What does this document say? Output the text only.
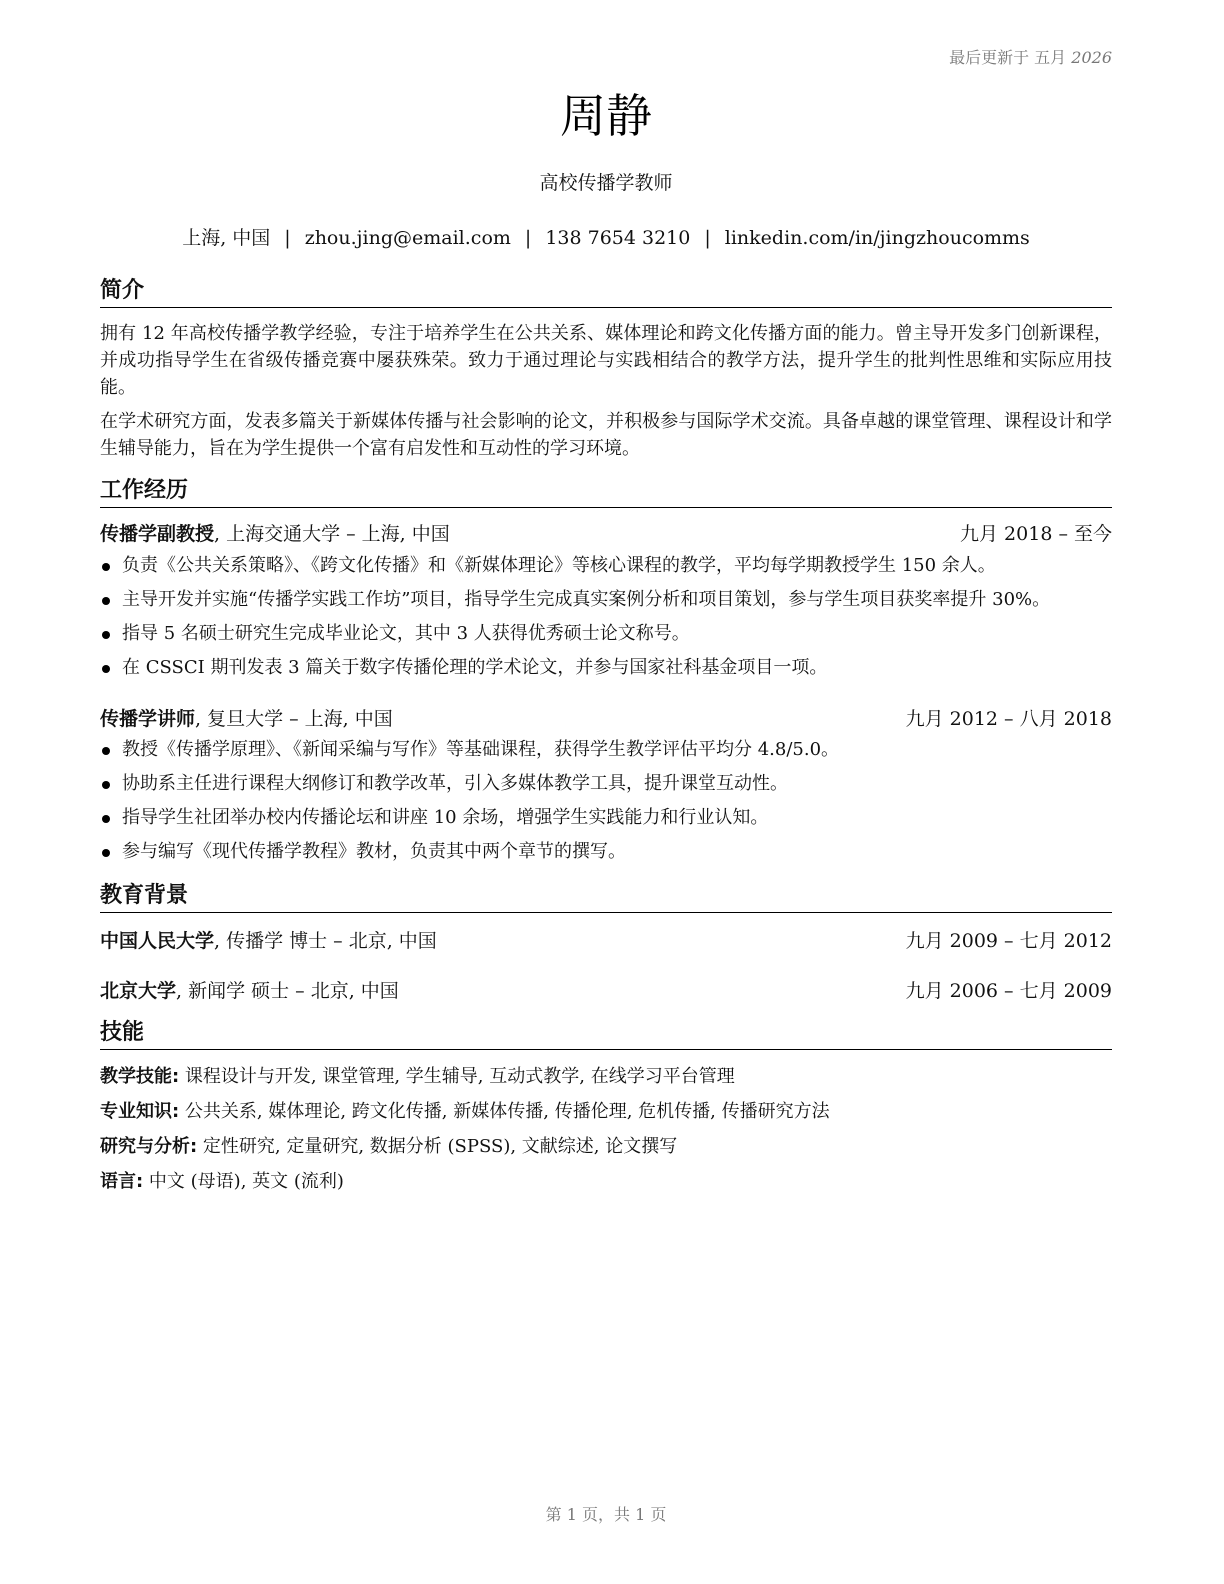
最后更新于 五月 2026
周静
高校传播学教师
上海, 中国 | zhou.jing@email.com | 138 7654 3210 | linkedin.com/in/jingzhoucomms
简介

拥有 12 年高校传播学教学经验，专注于培养学生在公共关系、媒体理论和跨文化传播方面的能力。曾主导开发多门创新课程，并成功指导学生在省级传播竞赛中屡获殊荣。致力于通过理论与实践相结合的教学方法，提升学生的批判性思维和实际应用技能。

在学术研究方面，发表多篇关于新媒体传播与社会影响的论文，并积极参与国际学术交流。具备卓越的课堂管理、课程设计和学生辅导能力，旨在为学生提供一个富有启发性和互动性的学习环境。

工作经历
传播学副教授, 上海交通大学 – 上海, 中国	九月 2018 – 至今
负责《公共关系策略》、《跨文化传播》和《新媒体理论》等核心课程的教学，平均每学期教授学生 150 余人。
主导开发并实施“传播学实践工作坊”项目，指导学生完成真实案例分析和项目策划，参与学生项目获奖率提升 30%。
指导 5 名硕士研究生完成毕业论文，其中 3 人获得优秀硕士论文称号。
在 CSSCI 期刊发表 3 篇关于数字传播伦理的学术论文，并参与国家社科基金项目一项。
传播学讲师, 复旦大学 – 上海, 中国	九月 2012 – 八月 2018
教授《传播学原理》、《新闻采编与写作》等基础课程，获得学生教学评估平均分 4.8/5.0。
协助系主任进行课程大纲修订和教学改革，引入多媒体教学工具，提升课堂互动性。
指导学生社团举办校内传播论坛和讲座 10 余场，增强学生实践能力和行业认知。
参与编写《现代传播学教程》教材，负责其中两个章节的撰写。
教育背景
中国人民大学, 传播学 博士 – 北京, 中国	九月 2009 – 七月 2012
北京大学, 新闻学 硕士 – 北京, 中国	九月 2006 – 七月 2009
技能
教学技能: 课程设计与开发, 课堂管理, 学生辅导, 互动式教学, 在线学习平台管理
专业知识: 公共关系, 媒体理论, 跨文化传播, 新媒体传播, 传播伦理, 危机传播, 传播研究方法
研究与分析: 定性研究, 定量研究, 数据分析 (SPSS), 文献综述, 论文撰写
语言: 中文 (母语), 英文 (流利)
第 1 页，共 1 页
